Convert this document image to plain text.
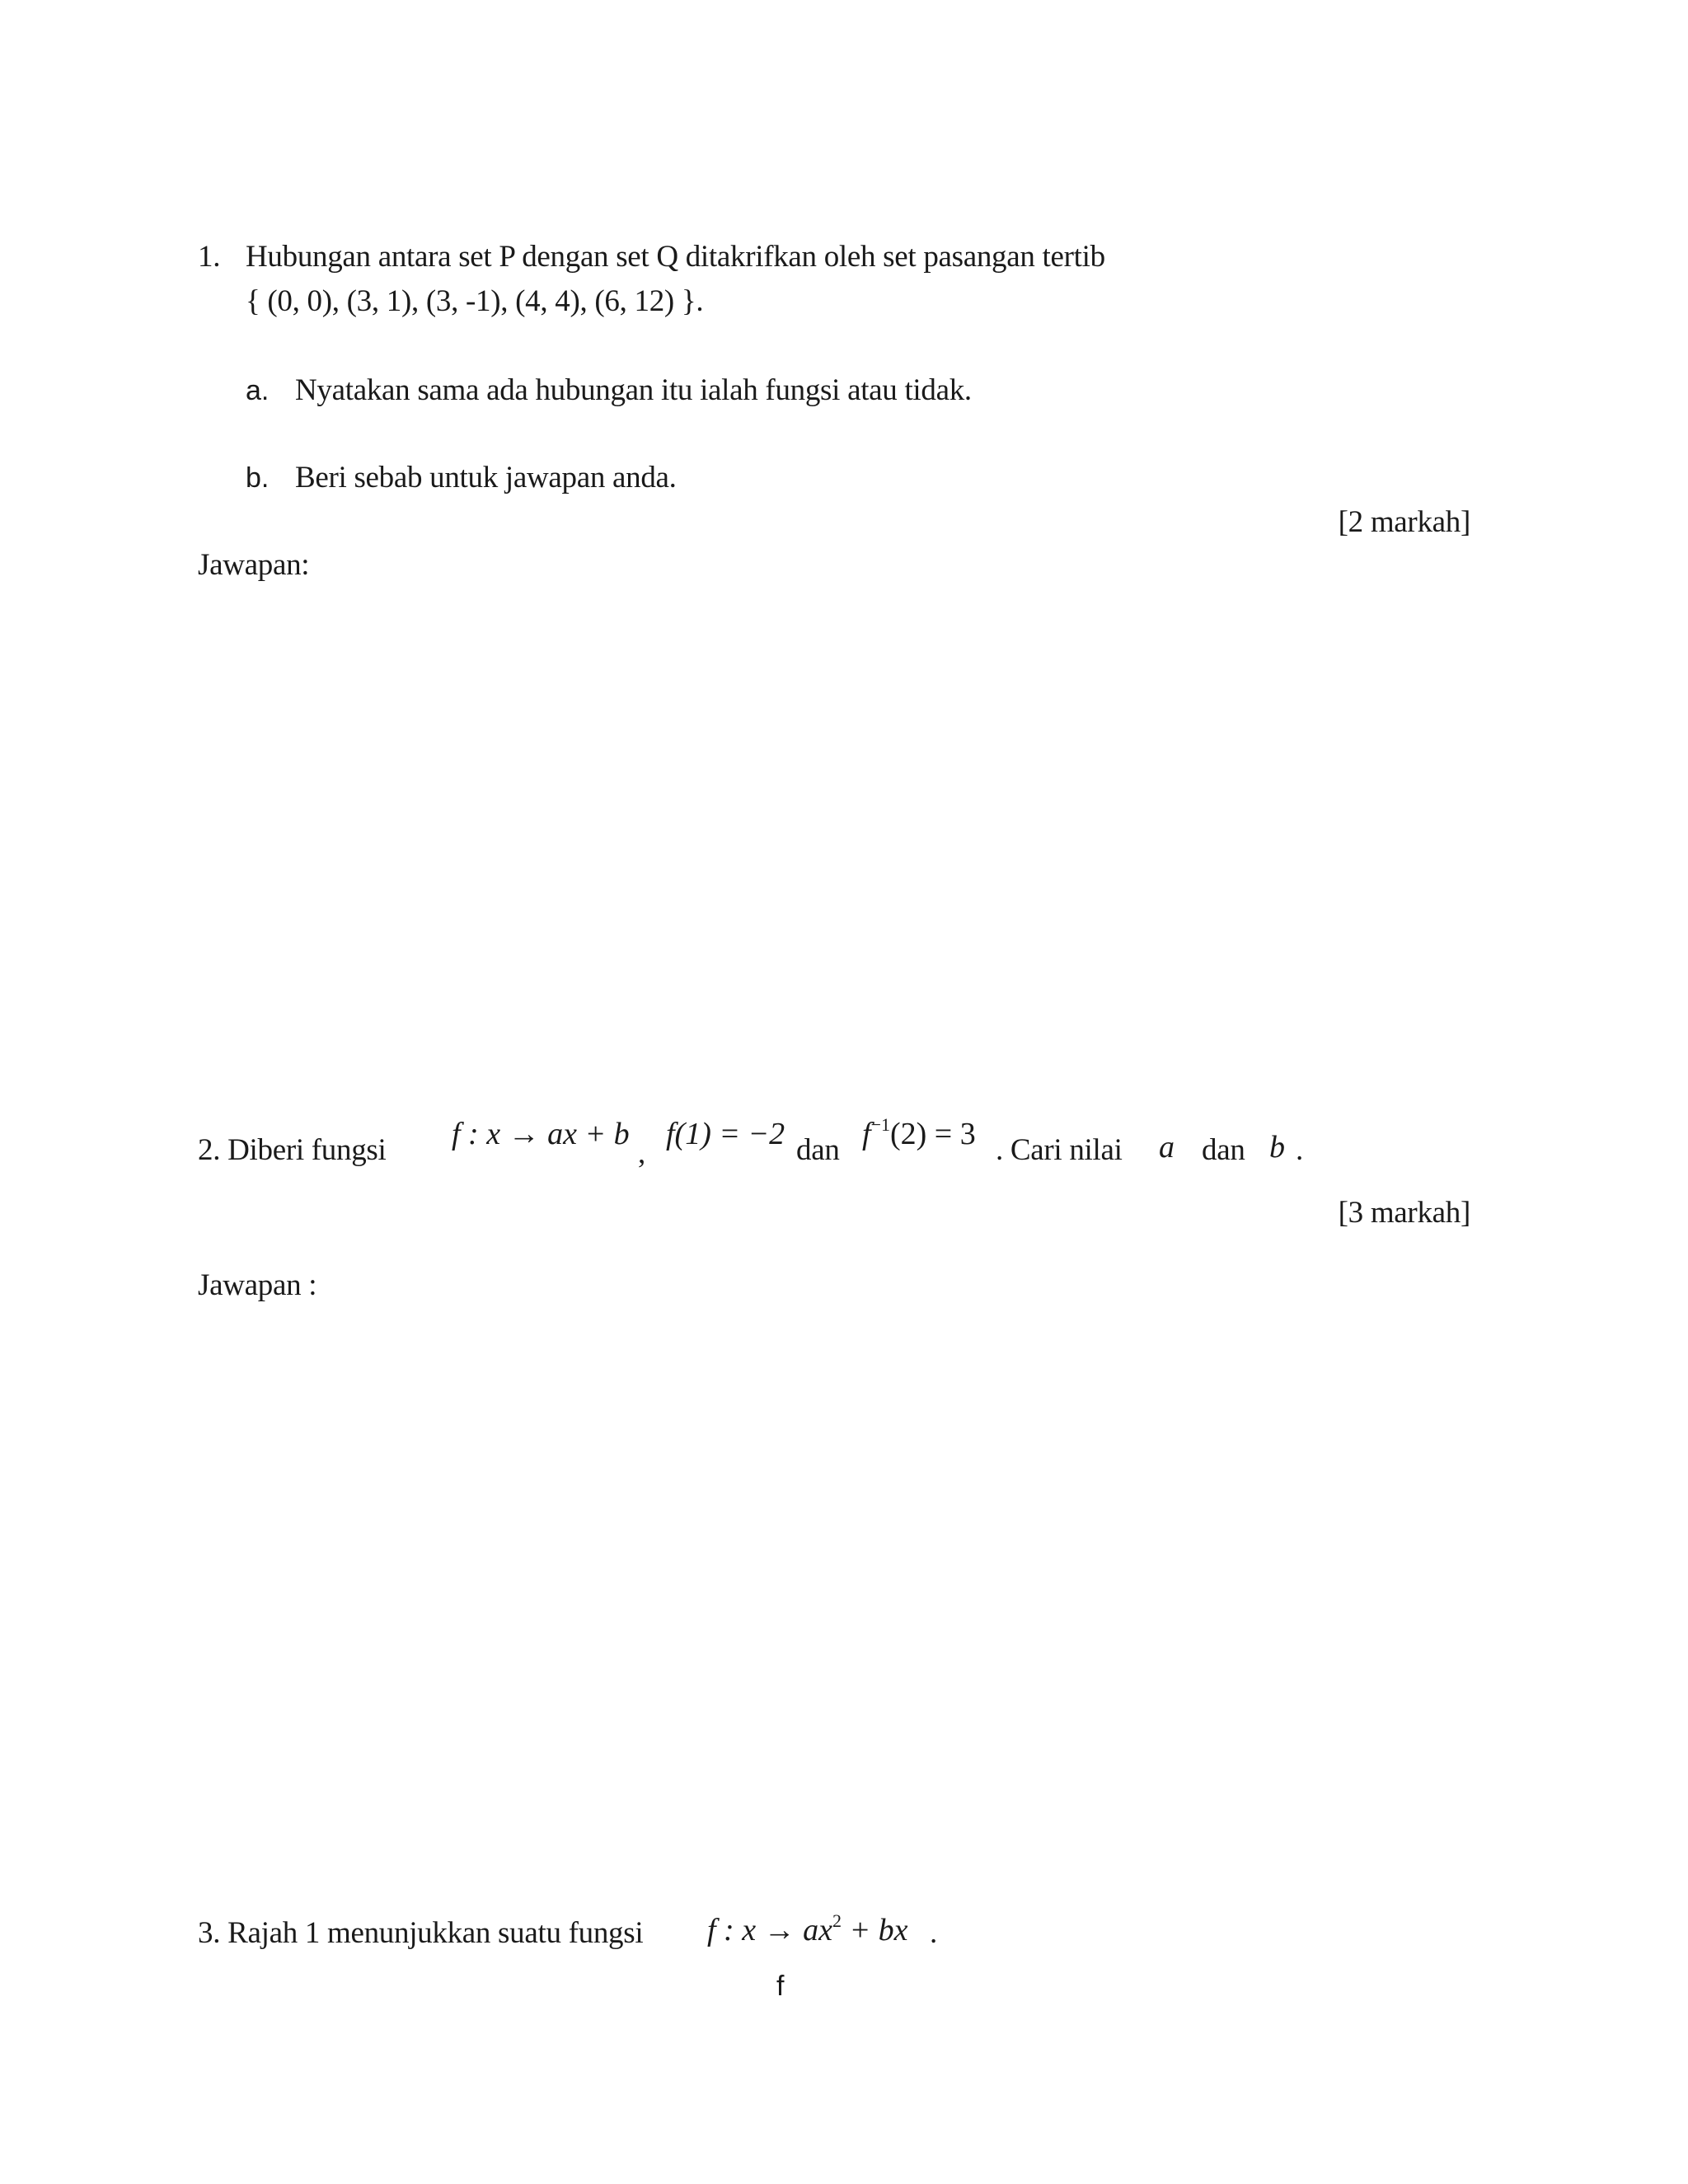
1. Hubungan antara set P dengan set Q ditakrifkan oleh set pasangan tertib
{ (0, 0), (3, 1), (3, -1), (4, 4), (6, 12) }.
a. Nyatakan sama ada hubungan itu ialah fungsi atau tidak.
b. Beri sebab untuk jawapan anda.
[2 markah]
Jawapan:
2. Diberi fungsi f : x → ax + b
,
f(1) = −2 dan $f^{-1}(2) = 3$ . Cari nilai a dan b .
[3 markah]
Jawapan :
3. Rajah 1 menunjukkan suatu fungsi f : $x \to ax^2$ + bx .
f
